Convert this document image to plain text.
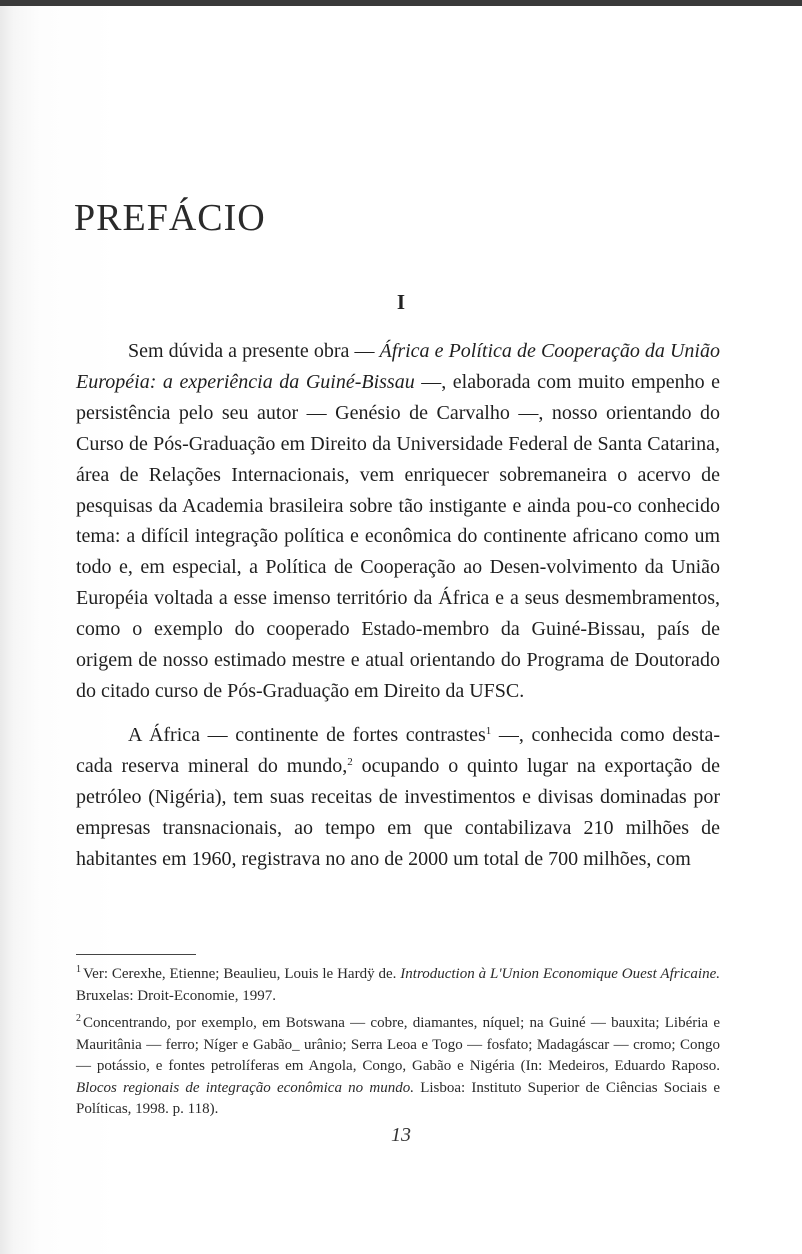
PREFÁCIO
I

Sem dúvida a presente obra — África e Política de Cooperação da União Européia: a experiência da Guiné-Bissau —, elaborada com muito empenho e persistência pelo seu autor — Genésio de Carvalho —, nosso orientando do Curso de Pós-Graduação em Direito da Universidade Federal de Santa Catarina, área de Relações Internacionais, vem enriquecer sobremaneira o acervo de pesquisas da Academia brasileira sobre tão instigante e ainda pou-co conhecido tema: a difícil integração política e econômica do continente africano como um todo e, em especial, a Política de Cooperação ao Desen-volvimento da União Européia voltada a esse imenso território da África e a seus desmembramentos, como o exemplo do cooperado Estado-membro da Guiné-Bissau, país de origem de nosso estimado mestre e atual orientando do Programa de Doutorado do citado curso de Pós-Graduação em Direito da UFSC.

A África — continente de fortes contrastes$^1$ —, conhecida como desta-cada reserva mineral do mundo,$^2$ ocupando o quinto lugar na exportação de petróleo (Nigéria), tem suas receitas de investimentos e divisas dominadas por empresas transnacionais, ao tempo em que contabilizava 210 milhões de habitantes em 1960, registrava no ano de 2000 um total de 700 milhões, com

$^1$ Ver: Cerexhe, Etienne; Beaulieu, Louis le Hardÿ de. Introduction à L'Union Economique Ouest Africaine. Bruxelas: Droit-Economie, 1997.

$^2$ Concentrando, por exemplo, em Botswana — cobre, diamantes, níquel; na Guiné — bauxita; Libéria e Mauritânia — ferro; Níger e Gabão_ urânio; Serra Leoa e Togo — fosfato; Madagáscar — cromo; Congo — potássio, e fontes petrolíferas em Angola, Congo, Gabão e Nigéria (In: Medeiros, Eduardo Raposo. Blocos regionais de integração econômica no mundo. Lisboa: Instituto Superior de Ciências Sociais e Políticas, 1998. p. 118).

13
